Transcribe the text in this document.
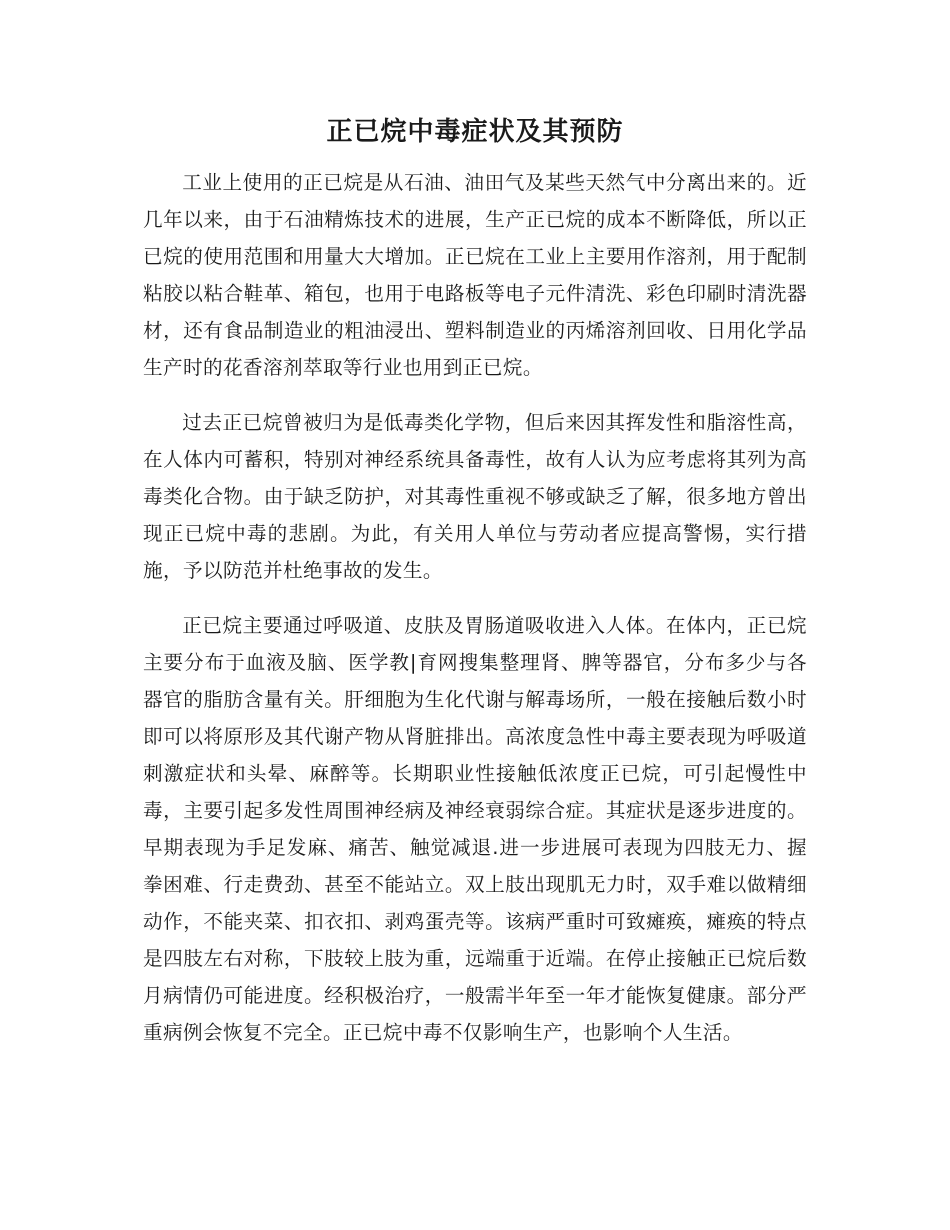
正已烷中毒症状及其预防

工业上使用的正已烷是从石油、油田气及某些天然气中分离出来的。近几年以来，由于石油精炼技术的进展，生产正已烷的成本不断降低，所以正已烷的使用范围和用量大大增加。正已烷在工业上主要用作溶剂，用于配制粘胶以粘合鞋革、箱包，也用于电路板等电子元件清洗、彩色印刷时清洗器材，还有食品制造业的粗油浸出、塑料制造业的丙烯溶剂回收、日用化学品生产时的花香溶剂萃取等行业也用到正已烷。

过去正已烷曾被归为是低毒类化学物，但后来因其挥发性和脂溶性高，在人体内可蓄积，特别对神经系统具备毒性，故有人认为应考虑将其列为高毒类化合物。由于缺乏防护，对其毒性重视不够或缺乏了解，很多地方曾出现正已烷中毒的悲剧。为此，有关用人单位与劳动者应提高警惕，实行措施，予以防范并杜绝事故的发生。

正已烷主要通过呼吸道、皮肤及胃肠道吸收进入人体。在体内，正已烷主要分布于血液及脑、医学教|育网搜集整理肾、脾等器官，分布多少与各器官的脂肪含量有关。肝细胞为生化代谢与解毒场所，一般在接触后数小时即可以将原形及其代谢产物从肾脏排出。高浓度急性中毒主要表现为呼吸道刺激症状和头晕、麻醉等。长期职业性接触低浓度正已烷，可引起慢性中毒，主要引起多发性周围神经病及神经衰弱综合症。其症状是逐步进度的。早期表现为手足发麻、痛苦、触觉减退.进一步进展可表现为四肢无力、握拳困难、行走费劲、甚至不能站立。双上肢出现肌无力时，双手难以做精细动作，不能夹菜、扣衣扣、剥鸡蛋壳等。该病严重时可致瘫痪，瘫痪的特点是四肢左右对称，下肢较上肢为重，远端重于近端。在停止接触正已烷后数月病情仍可能进度。经积极治疗，一般需半年至一年才能恢复健康。部分严重病例会恢复不完全。正已烷中毒不仅影响生产，也影响个人生活。
